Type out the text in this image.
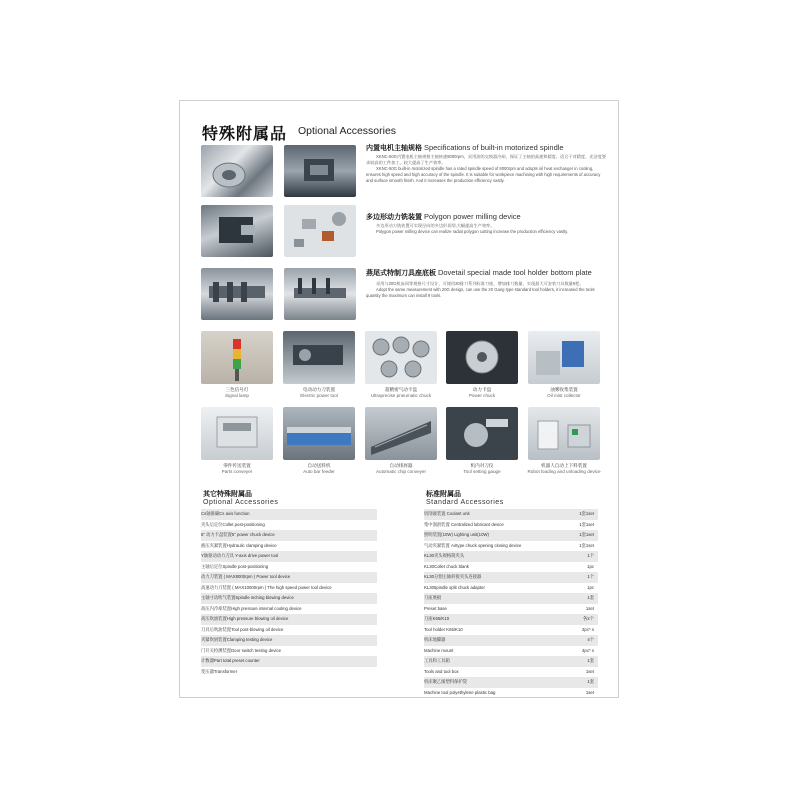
特殊附属品 Optional Accessories
内置电机主轴规格 Specifications of built-in motorized spindle
XKNC-50G内置电机主轴规格主轴转速8000rpm，采用油的交换器冷却，保证了主轴的高速和精度。适合于对精度、光洁度要求较高的工件加工，较大提高了生产效率。
XKNC-50G built-in motorized spindle has a rated spindle speed of 8000rpm and adopts oil heat exchanger in cooling, ensures high speed and high accuracy of the spindle. It is suitable for workpiece machining with high requirements of accuracy and surface smooth finish. And it increases the production efficiency vastly.
多边形动力铣装置 Polygon power milling device
多边形动力铣装置可实现径向的多边形切削,大幅提高生产效率。
Polygon power milling device can realize radial polygon cutting increase the production efficiency vastly.
燕尾式特制刀具座底板 Dovetail special made tool holder bottom plate
采用与20G机床同等规格尺寸设计，可使用20排刀系列标准刀座，增加排刀数量，实现最大可安装刀具数量9把。
Adopt the same measurement with 20G design, can use the 20 Gang type standard tool holders, it increased the tools quantity the maximum can install 9 tools.
三色信号灯
Signal lamp
电动动力刀装置
Electric power tool
超精密气动卡盘
Ultraprecise pneumatic chuck
动力卡盘
Power chuck
油雾收集装置
Oil mist collector
零件传送装置
Parts conveyer
自动送料机
Auto bar feeder
自动排屑器
Automatic chip conveyer
机内对刀仪
Tool setting gauge
机器人自动上下料装置
Robot loading and unloading device
其它特殊附属品
Optional Accessories
标准附属品
Standard Accessories
Cs轴准确Cs axis function
夹头后定位Collet post-positioning
5" 动力卡盘装置5" power chuck device
液压夹紧装置Hydraulic clamping device
Y轴驱动动力刀具 Y-axis drive power tool
主轴后定位Spindle post-positioning
动力刀装置 ( MAX8000rpm ) Power tool device
高速动力刀装置 ( MAX10000rpm ) The high speed power tool device
主轴寸动吹气装置Spindle inching blowing device
高压内冷却装置High pressure internal cooling device
高压吹油装置High pressure blowing oil device
刀具后吹油装置Tool post-blowing oil device
夹紧吹屑装置Clamping testing device
门开关检测装置Door switch testing device
计数器Part total preset counter
变压器Transformer
切削液装置 Coolant unit	1套1set
集中润滑装置 Centralized lubricant device	1套1set
照明装置(10W) Lighting unit(10W)	1套1set
气动夹紧装置 Airtype chuck opening closing device	1套1set
KL30夹头规格筒夹头	1个
KL30Collet chuck blank	1pc
KL30分割主轴转接夹头连接器	1个
KL305pindle split chuck adapter	1pc
刀座底板	1套
Preset base	1set
刀座K65/K10	各2个
Tool holder K65/K10	2pc* s
机床地脚器	4个
Machine mount	4pc* s
工具和工具箱	1套
Tools and tool box	1set
机床聚乙烯塑料保护袋	1套
Machine tool polyethylene plastic bag	1set
